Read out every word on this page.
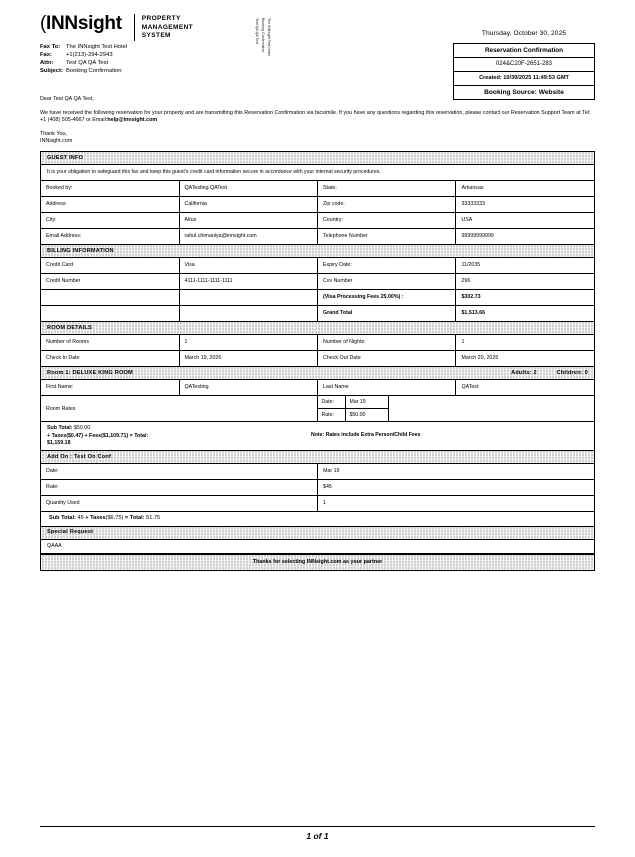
(INNsight	PROPERTY
MANAGEMENT
SYSTEM	Test QA QA Test Booking Confirmation The INNsight Test Hotel	Thursday, October 30, 2025
Reservation Confirmation
024&C20F-2651-283
Created: 10/30/2025 11:49:53 GMT
Booking Source: Website
Fax To:	The INNsight Test Hotel
Fax:	+1(213)-294-2943
Attn:	Test QA QA Test
Subject: Booking Confirmation
Dear Test QA QA Test,
We have received the following reservation for your property and are transmitting this Reservation Confirmation via facsimile. If you have any questions regarding this reservation, please contact our Reservation Support Team at Tel: +1 (408) 505-4667 or Email:help@innsight.com
Thank You,
INNsight.com
GUEST INFO
It is your obligation to safeguard this fax and keep this guest's credit card information secure in accordance with your internal security procedures.
Booked by:	QATesting QATest	State:	Arkansas
Address:	California	Zip code:	33333333
City:	Altus	Country:	USA
Email Address:	rahul.chimanlya@innsight.com	Telephone Number	99999999999
BILLING INFORMATION
Credit Card	Visa	Expiry Date:	11/2035
Credit Number	4111-1111-1111-1111	Cvv Number	296
		(Visa Processing Fees 25.00%) :	$302.73
		Grand Total	$1,513.66
ROOM DETAILS
Number of Rooms	1	Number of Nights:	1
Check In Date	March 19, 2026	Check Out Date	March 20, 2026
Room 1: DELUXE KING ROOM	Adults: 2	Children: 0
First Name:	QATesting	Last Name	QATest
Room Rates
Date:	Mar 19
Rate:	$50.00
Sub Total: $50.00
+ Taxes($0.47) + Fees($1,109.71) = Total:
$1,159.18
Note: Rates include Extra Person/Child Fees
Add On : Test On Conf
Date:	Mar 19
Rate:	$45
Quantity Used	1
Sub Total: 45 + Taxes($6.75) = Total: 51.75
Special Request
QAAA
Thanks for selecting INNsight.com as your partner
1 of 1
